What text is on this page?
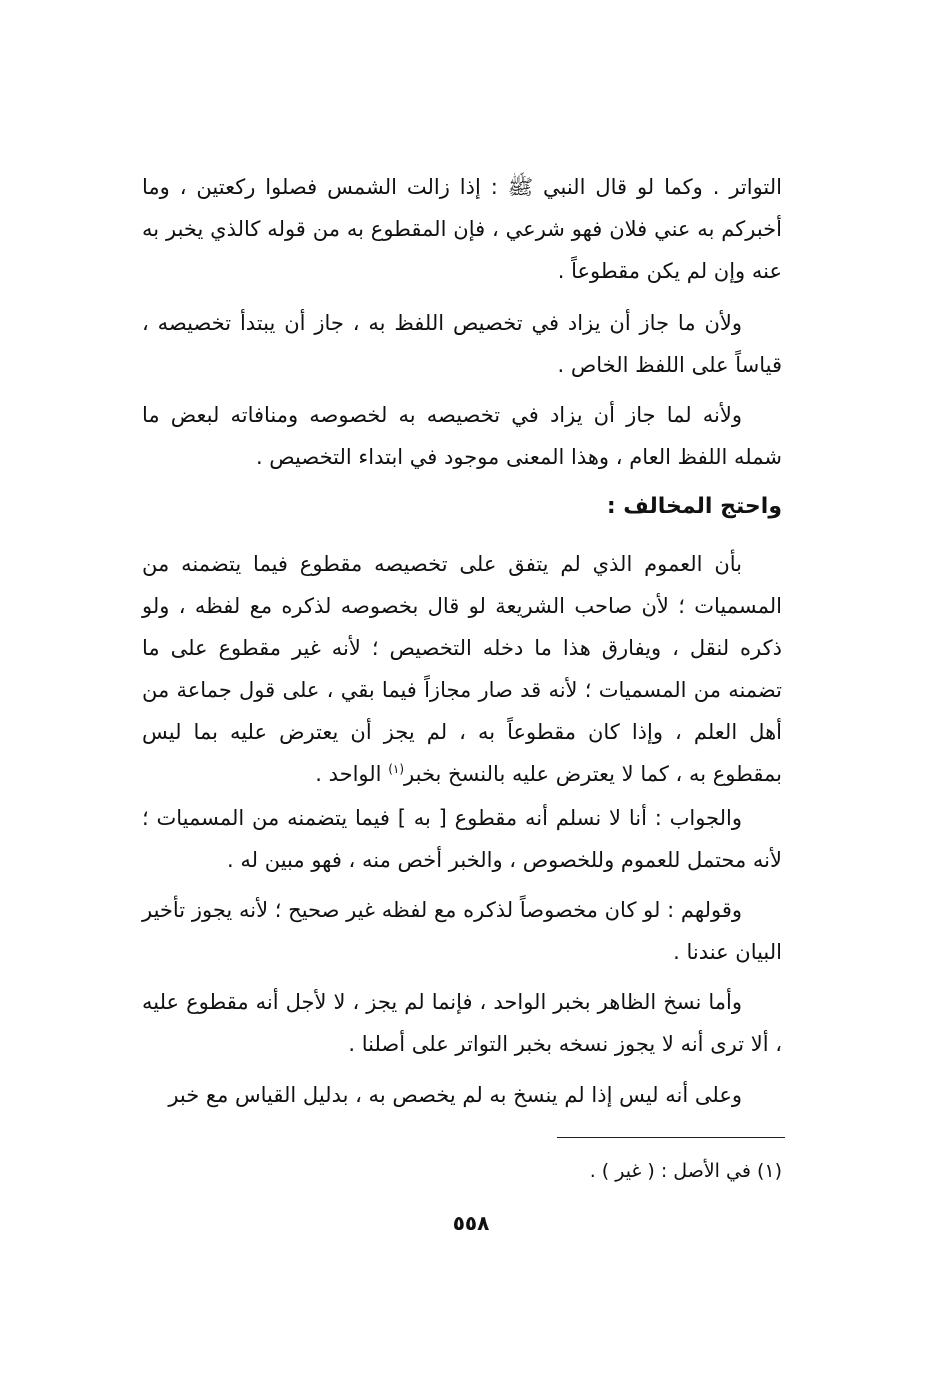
التواتر . وكما لو قال النبي ﷺ : إذا زالت الشمس فصلوا ركعتين ، وما أخبركم به عني فلان فهو شرعي ، فإن المقطوع به من قوله كالذي يخبر به عنه وإن لم يكن مقطوعاً .
ولأن ما جاز أن يزاد في تخصيص اللفظ به ، جاز أن يبتدأ تخصيصه ، قياساً على اللفظ الخاص .
ولأنه لما جاز أن يزاد في تخصيصه به لخصوصه ومنافاته لبعض ما شمله اللفظ العام ، وهذا المعنى موجود في ابتداء التخصيص .
واحتج المخالف :
بأن العموم الذي لم يتفق على تخصيصه مقطوع فيما يتضمنه من المسميات ؛ لأن صاحب الشريعة لو قال بخصوصه لذكره مع لفظه ، ولو ذكره لنقل ، ويفارق هذا ما دخله التخصيص ؛ لأنه غير مقطوع على ما تضمنه من المسميات ؛ لأنه قد صار مجازاً فيما بقي ، على قول جماعة من أهل العلم ، وإذا كان مقطوعاً به ، لم يجز أن يعترض عليه بما ليس بمقطوع به ، كما لا يعترض عليه بالنسخ بخبر$^{(١)}$ الواحد .
والجواب : أنا لا نسلم أنه مقطوع [ به ] فيما يتضمنه من المسميات ؛ لأنه محتمل للعموم وللخصوص ، والخبر أخص منه ، فهو مبين له .
وقولهم : لو كان مخصوصاً لذكره مع لفظه غير صحيح ؛ لأنه يجوز تأخير البيان عندنا .
وأما نسخ الظاهر بخبر الواحد ، فإنما لم يجز ، لا لأجل أنه مقطوع عليه ، ألا ترى أنه لا يجوز نسخه بخبر التواتر على أصلنا .
وعلى أنه ليس إذا لم ينسخ به لم يخصص به ، بدليل القياس مع خبر
(١) في الأصل : ( غير ) .
٥٥٨
